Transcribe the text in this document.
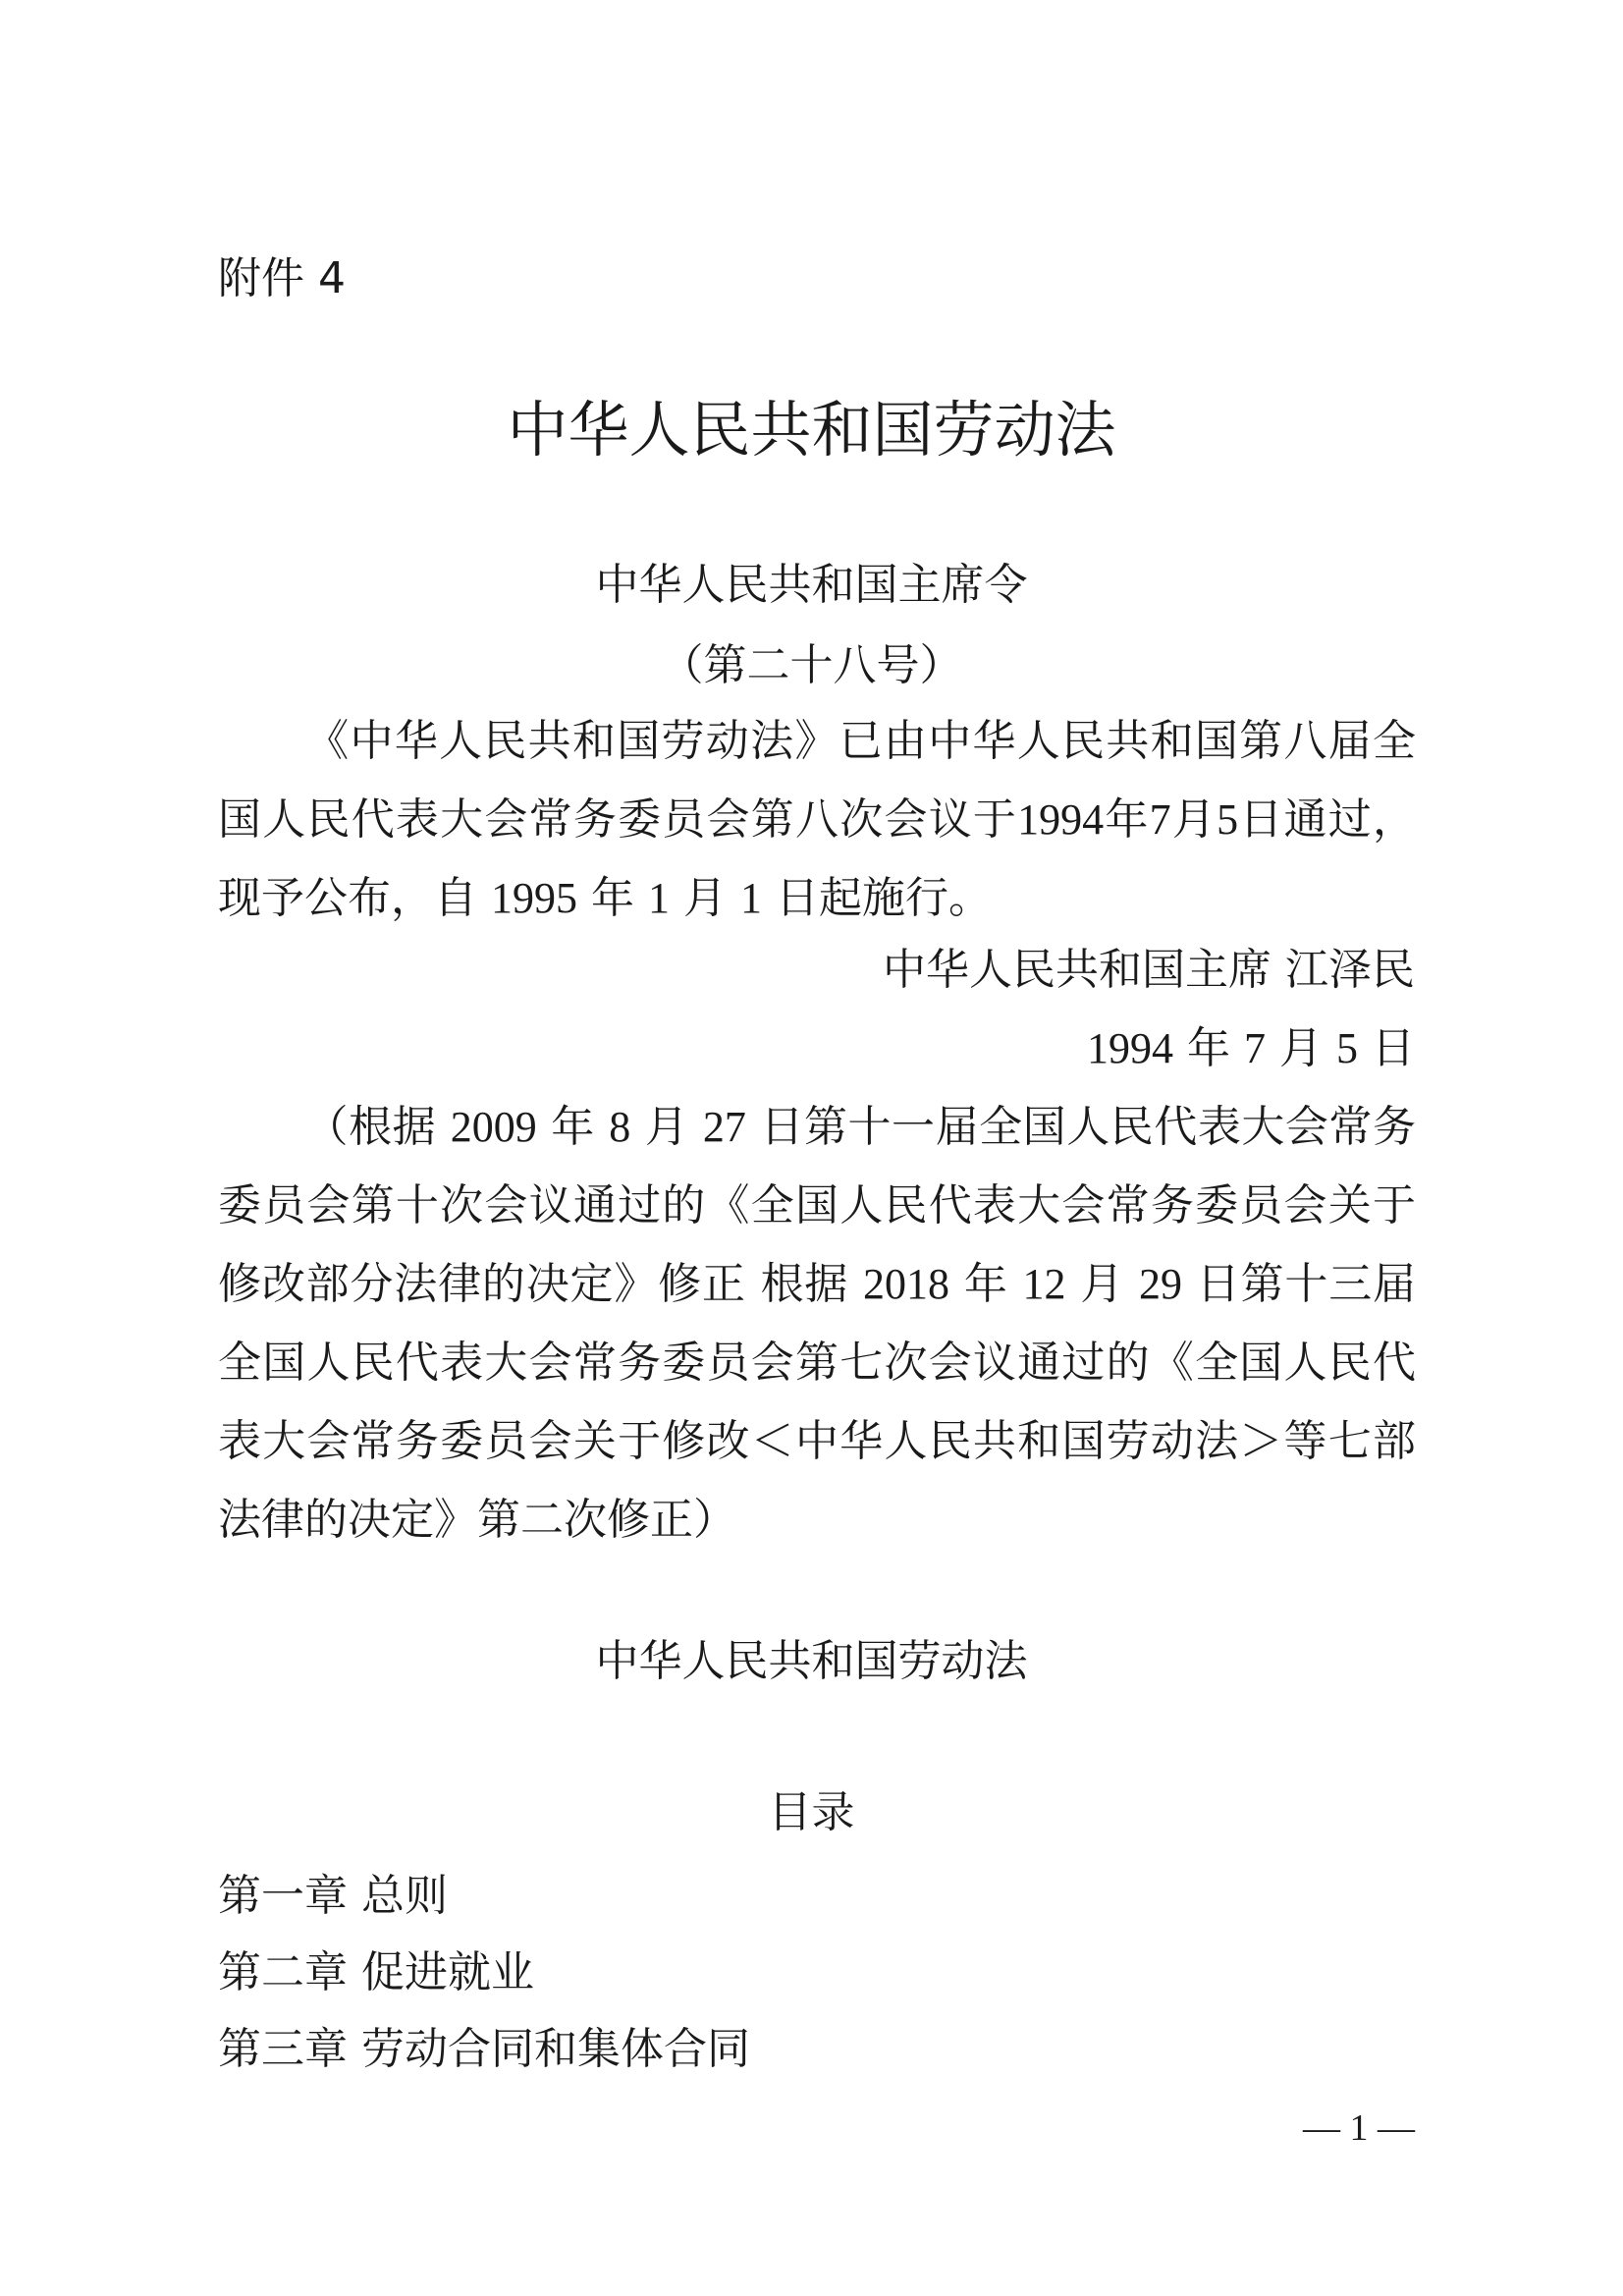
附件 4
中华人民共和国劳动法
中华人民共和国主席令
（第二十八号）
《中华人民共和国劳动法》已由中华人民共和国第八届全国人民代表大会常务委员会第八次会议于1994年7月5日通过，现予公布，自 1995 年 1 月 1 日起施行。
中华人民共和国主席 江泽民
1994 年 7 月 5 日
（根据 2009 年 8 月 27 日第十一届全国人民代表大会常务委员会第十次会议通过的《全国人民代表大会常务委员会关于修改部分法律的决定》修正 根据 2018 年 12 月 29 日第十三届全国人民代表大会常务委员会第七次会议通过的《全国人民代表大会常务委员会关于修改＜中华人民共和国劳动法＞等七部法律的决定》第二次修正）
中华人民共和国劳动法
目录
第一章 总则
第二章 促进就业
第三章 劳动合同和集体合同
— 1 —
